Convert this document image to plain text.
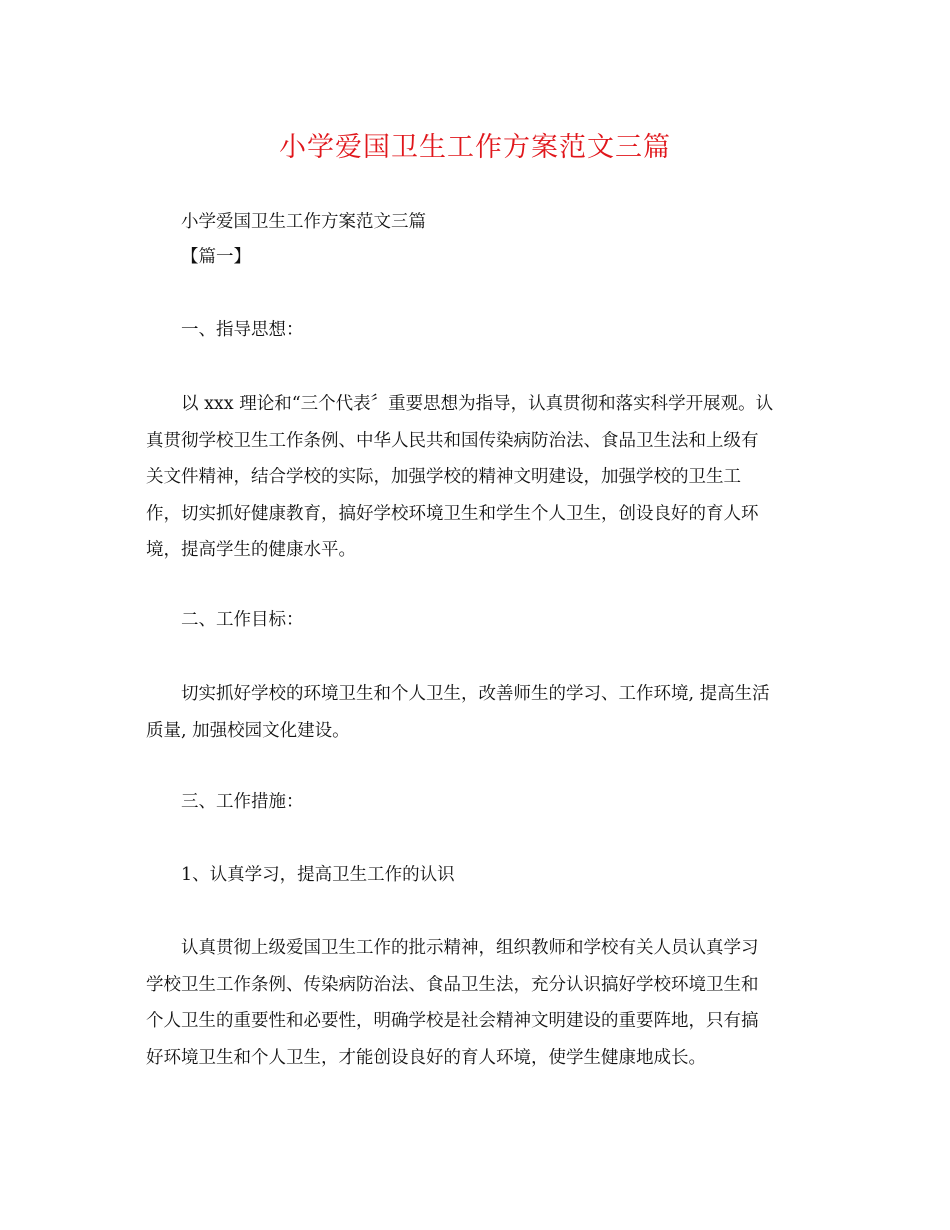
小学爱国卫生工作方案范文三篇
小学爱国卫生工作方案范文三篇
【篇一】
一、指导思想：
以 xxx 理论和“三个代表〞重要思想为指导，认真贯彻和落实科学开展观。认
真贯彻学校卫生工作条例、中华人民共和国传染病防治法、食品卫生法和上级有
关文件精神，结合学校的实际，加强学校的精神文明建设，加强学校的卫生工
作，切实抓好健康教育，搞好学校环境卫生和学生个人卫生，创设良好的育人环
境，提高学生的健康水平。
二、工作目标：
切实抓好学校的环境卫生和个人卫生，改善师生的学习、工作环境, 提高生活
质量, 加强校园文化建设。
三、工作措施：
1、认真学习，提高卫生工作的认识
认真贯彻上级爱国卫生工作的批示精神，组织教师和学校有关人员认真学习
学校卫生工作条例、传染病防治法、食品卫生法，充分认识搞好学校环境卫生和
个人卫生的重要性和必要性，明确学校是社会精神文明建设的重要阵地，只有搞
好环境卫生和个人卫生，才能创设良好的育人环境，使学生健康地成长。
